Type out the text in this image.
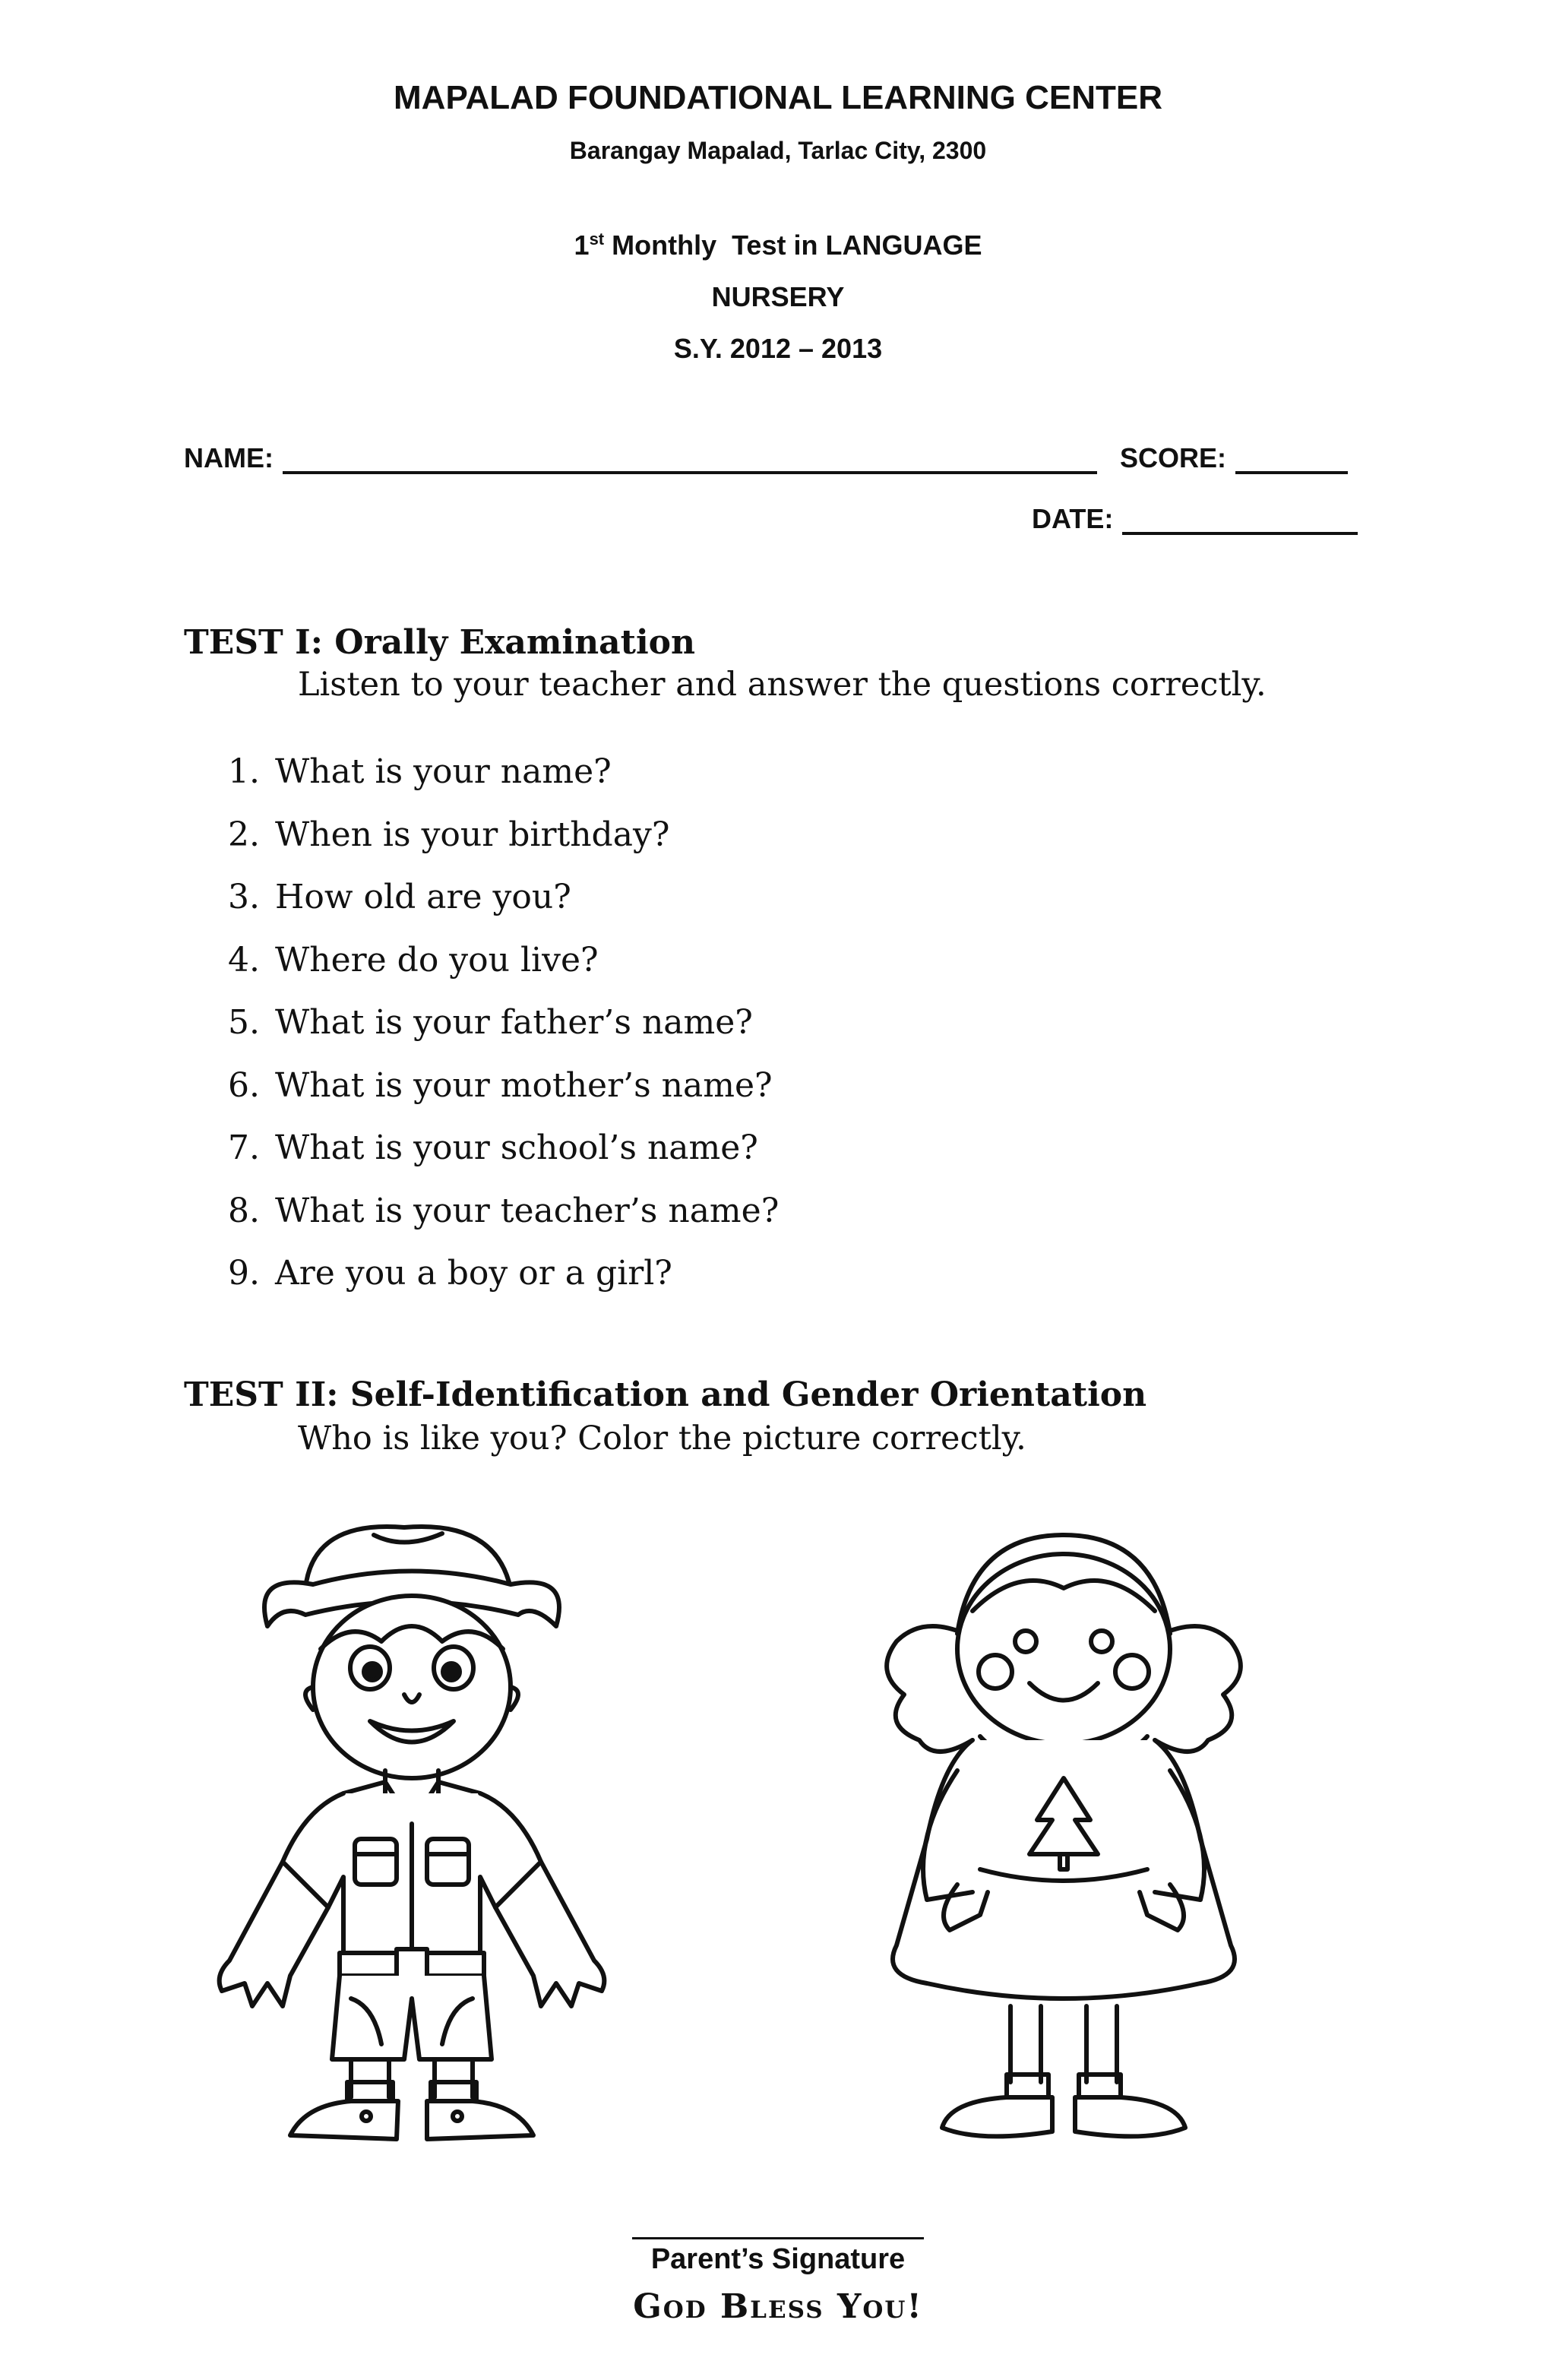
MAPALAD FOUNDATIONAL LEARNING CENTER
Barangay Mapalad, Tarlac City, 2300
1st Monthly  Test in LANGUAGE
NURSERY
S.Y. 2012 – 2013
NAME:	SCORE:
DATE:
TEST I: Orally Examination
Listen to your teacher and answer the questions correctly.
1. What is your name?
2. When is your birthday?
3. How old are you?
4. Where do you live?
5. What is your father’s name?
6. What is your mother’s name?
7. What is your school’s name?
8. What is your teacher’s name?
9. Are you a boy or a girl?
TEST II: Self-Identification and Gender Orientation
Who is like you? Color the picture correctly.
Parent’s Signature
God Bless You!
